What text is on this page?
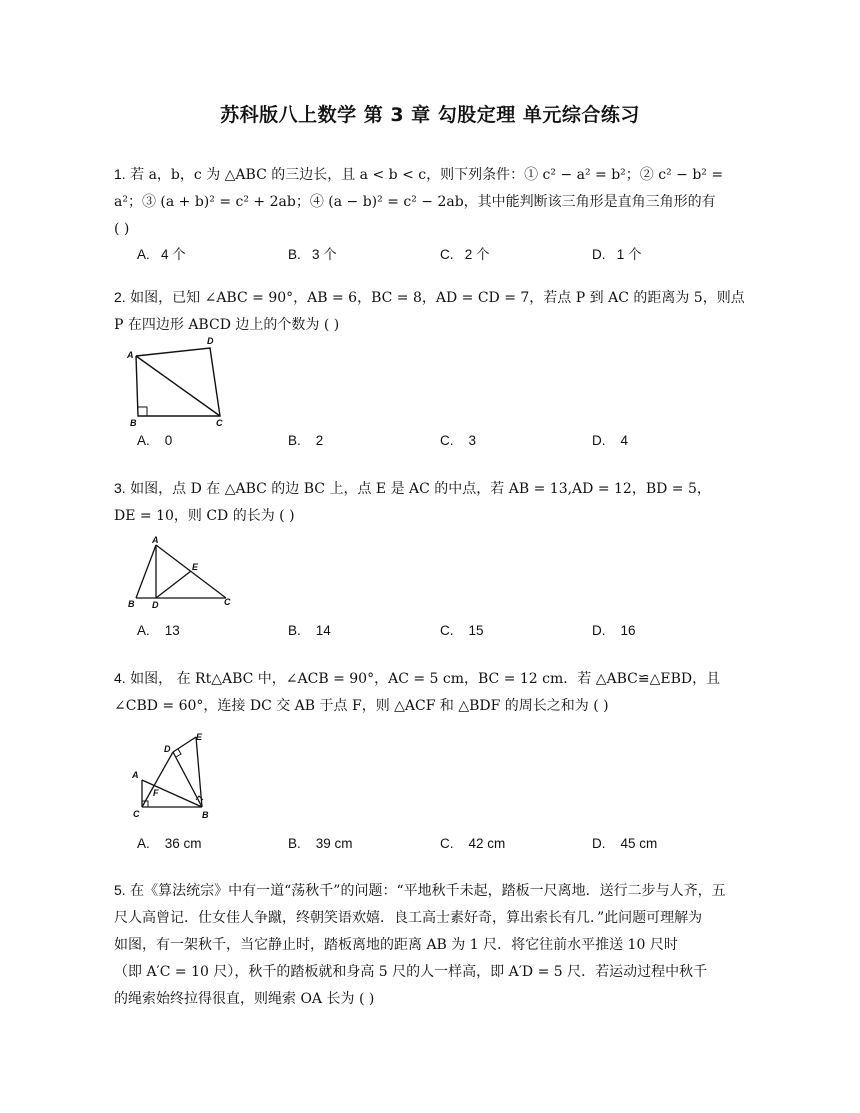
苏科版八上数学 第 3 章 勾股定理 单元综合练习

1. 若 a，b，c 为 △ABC 的三边长，且 a < b < c，则下列条件：① c² − a² = b²；② c² − b² =

a²；③ (a + b)² = c² + 2ab；④ (a − b)² = c² − 2ab，其中能判断该三角形是直角三角形的有

( )

A.   4 个	B.   3 个	C.   2 个	D.   1 个

2. 如图，已知 ∠ABC = 90°，AB = 6，BC = 8，AD = CD = 7，若点 P 到 AC 的距离为 5，则点

P 在四边形 ABCD 边上的个数为 ( )

A
D
B	C
A.    0	B.    2	C.    3	D.    4

3. 如图，点 D 在 △ABC 的边 BC 上，点 E 是 AC 的中点，若 AB = 13,AD = 12，BD = 5，

DE = 10，则 CD 的长为 ( )

A
E
B D	C
A.    13	B.    14	C.    15	D.    16

4. 如图， 在 Rt△ABC 中，∠ACB = 90°，AC = 5 cm，BC = 12 cm．若 △ABC≌△EBD，且

∠CBD = 60°，连接 DC 交 AB 于点 F，则 △ACF 和 △BDF 的周长之和为 ( )

E
D
A
F
C	B
A.    36 cm	B.    39 cm	C.    42 cm	D.    45 cm

5. 在《算法统宗》中有一道“荡秋千”的问题：“平地秋千未起，踏板一尺离地．送行二步与人齐，五

尺人高曾记．仕女佳人争蹴，终朝笑语欢嬉．良工高士素好奇，算出索长有几．”此问题可理解为

如图，有一架秋千，当它静止时，踏板离地的距离 AB 为 1 尺．将它往前水平推送 10 尺时

（即 A′C = 10 尺），秋千的踏板就和身高 5 尺的人一样高，即 A′D = 5 尺．若运动过程中秋千

的绳索始终拉得很直，则绳索 OA 长为 ( )
